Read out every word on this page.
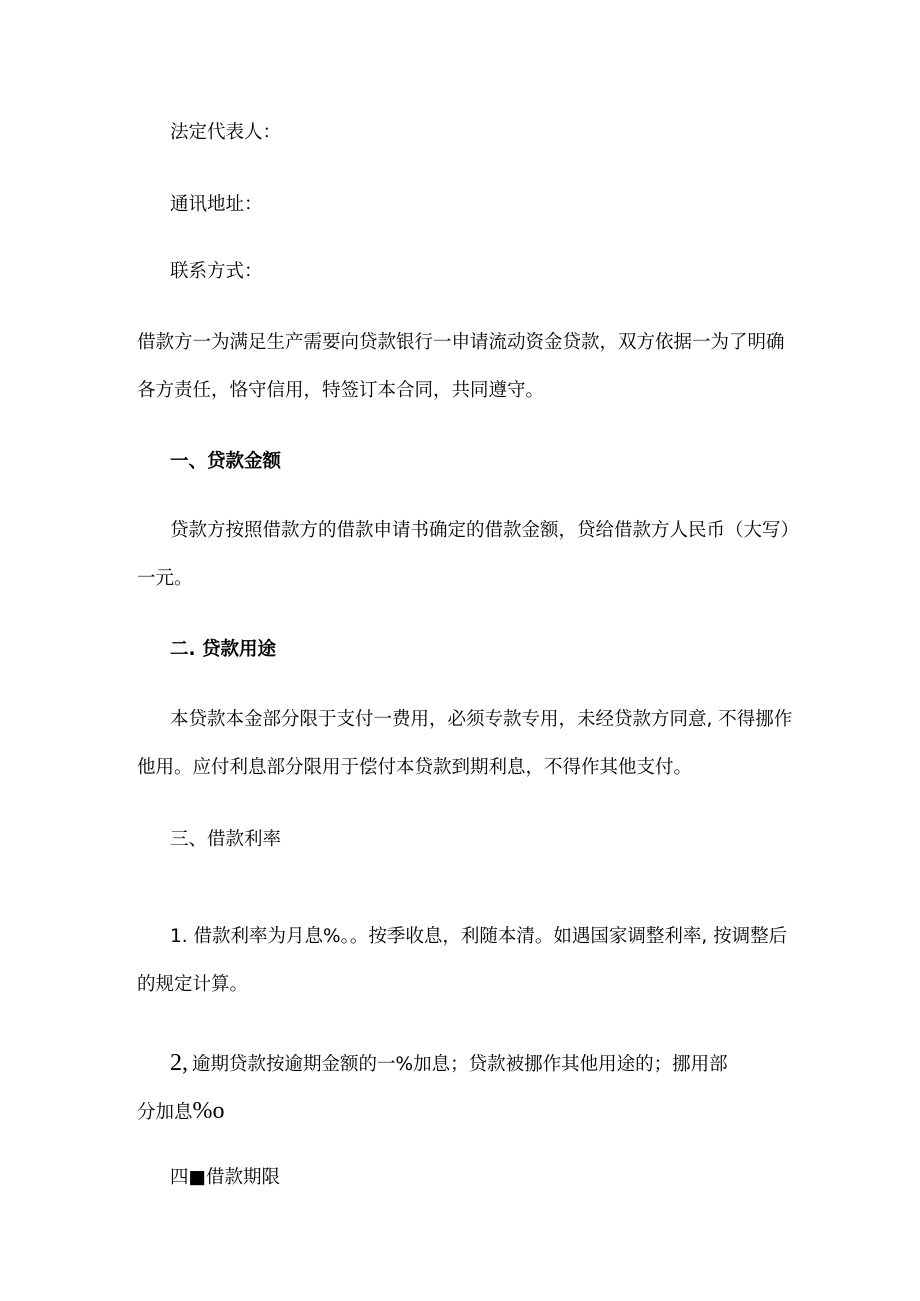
法定代表人：
通讯地址：
联系方式：
借款方一为满足生产需要向贷款银行一申请流动资金贷款，双方依据一为了明确
各方责任，恪守信用，特签订本合同，共同遵守。
一、贷款金额
贷款方按照借款方的借款申请书确定的借款金额，贷给借款方人民币（大写）
一元。
二. 贷款用途
本贷款本金部分限于支付一费用，必须专款专用，未经贷款方同意, 不得挪作
他用。应付利息部分限用于偿付本贷款到期利息，不得作其他支付。
三、借款利率
1. 借款利率为月息%。。按季收息，利随本清。如遇国家调整利率, 按调整后
的规定计算。
2, 逾期贷款按逾期金额的一%加息；贷款被挪作其他用途的；挪用部
分加息%o
四■借款期限
